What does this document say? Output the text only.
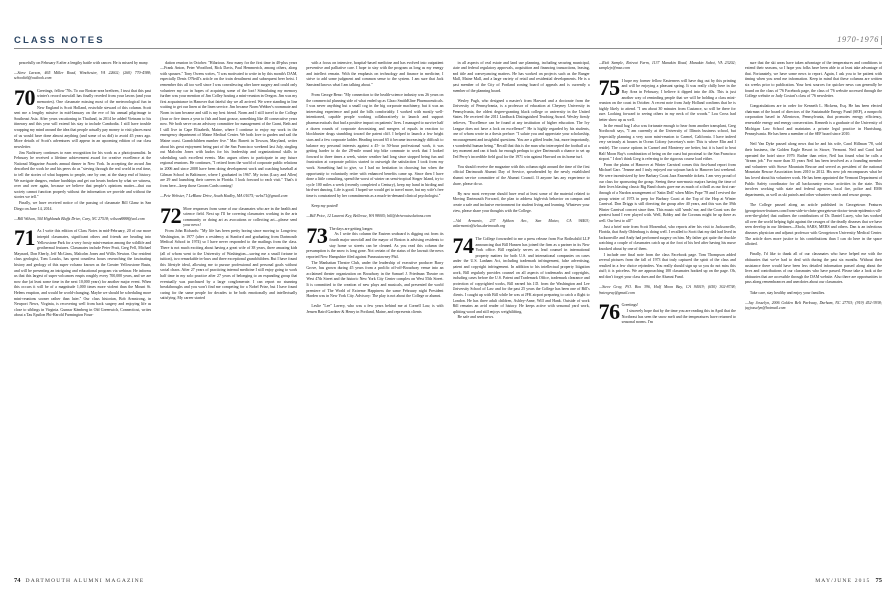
CLASS NOTES	1970-1976

peacefully on February 8 after a lengthy battle with cancer. He is missed by many.

—Steve Larson, 465 Miller Road, Winchester, VA 22602; (260) 770-4388; schooltt6@outlook.com

70 Greetings, fellow '70s. To our Boston-area brethren, I trust that this past winter's record snowfall has finally receded from your lawns (and your memories). One classmate missing most of the meteorological fun in New England is Scott Holland, erstwhile steward of this column. Scott sent me a lengthy missive in mid-January on the eve of his annual pilgrimage to Southeast Asia. After years vacationing in Thailand, in 2014 he added Vietnam to his itinerary and this year will extend his stay to include Cambodia. I still have trouble wrapping my mind around the idea that people actually pay money to visit places most of us would have done almost anything (and some of us did) to avoid 45 years ago. More details of Scott's adventures will appear in an upcoming edition of our class newsletter.

Jim Nachtwey continues to earn recognition for his work as a photojournalist. In February he received a lifetime achievement award for creative excellence at the National Magazine Awards annual dinner in New York. In accepting the award Jim described the work he and his peers do as "sieving through the real world in real time, to tell the stories of what happens to people, one by one, at the sharp end of history. We navigate dangers, endure hardships and get our hearts broken by what we witness, over and over again, because we believe that people's opinions matter—that our society cannot function properly without the information we provide and without the stories we tell."

Finally, we have received notice of the passing of classmate Bill Glanz in San Diego on June 14, 2014.

—Bill Wilson, 304 Highlands Bluffs Drive, Cary, NC 27518; wilson8888@aol.com

71 As I write this edition of Class Notes in mid-February, 20 of our more intrepid classmates, significant others and friends are heading into Yellowstone Park for a very frosty mini-reunion among the wildlife and geothermal features. Classmates include Peter Pratt, Greg Fell, Michael Maynard, Don Eberly, Jeff McGinss, Malcolm Jones and Willis Newton. Our resident class geologist, Tom Loucks, has spent countless hours researching the fascinating history and geology of this super volcano known as the Greater Yellowstone Basin, and will be presenting an intriguing and educational program via webinar. He informs us that this largest of super volcanoes erupts roughly every 700,000 years, and we are now due (at least some time in the next 10,000 years) for another major event. When this occurs it will be of a magnitude 1,000 times more violent than the Mount St. Helens eruption, and would be world-changing. Maybe we should be scheduling more mini-reunions sooner rather than later." Our class historian, Bob Armstrong, in Newport News, Virginia, is recovering well from back surgery and enjoying life as close to siblings in Virginia. Gunnar Kämberg in Old Greenwich, Connecticut, writes about a Tau Epsilon Phi-Harold Farmington Foun-

dation reunion in October. "Hilarious. Saw many for the first time in 40-plus years—Frank Anton, Peter Woodford, Rick Davis, Paul Hemmerich, among others, along with spouses." Tony Owens writes, "I was motivated to write in by this month's DAM, especially Denis O'Neill's article on the train derailment and subsequent beer heist. I remember this all too well since I was convalescing after knee surgery and could only volunteer my car in hopes of acquiring some of the loot! Stimulating my memory further was your mention of Jim Colley hosting a mini-reunion in Oregon. Jim was my first acquaintance in Hanover that fateful day we all arrived. We were standing in line waiting to get our linen at the linen service. Jim became Norm Webber's roommate and Norm in turn became and still is my best friend. Norm and I still travel to the College (four or five times a year to fish and hunt grouse, something like 40 consecutive years now. We both serve on an advisory committee for management of the Grant, Beth and I still live in Cape Elizabeth, Maine, where I continue to enjoy my work in the emergency department of Maine Medical Center. We both love to garden and sail the Maine coast. Grandchildren number five." Mac Barrett in Towson, Maryland, writes about his great enjoyment being part of the San Francisco weekend last July, singling out Malcolm Jones with kudos for his leadership and organizational skills in scheduling such excellent events. Mac argues others to participate in any future regional reunions. He continues, "I retired from the world of corporate public relations in 2006 and since 2008 have been doing development work and coaching baseball at Gilman School in Baltimore, where I graduated in 1967. My twins (Lucy and Allen) are 29 and launching their careers in Florida. I look forward to each visit." That's it from here—keep those Groom Cards coming!

—Pete Webster, 7 LeBlanc Drive, South Hadley, MA 01075; webs71@gmail.com

72 More responses from some of our classmates who are in the health and science field. Next up I'll be covering classmates working in the arts community or doing art as avocations or collecting art—please send your news!

From John Richards: "My life has been pretty boring since moving to Longview, Washington, in 1977 (after a residency at Stanford and graduating from Dartmouth Medical School in 1974) so I have never responded to the mailings from the class. There is not much exciting about having a great wife of 38 years, three amazing kids (all of whom went to the University of Washington—saving me a small fortune in tuition), two remarkable in-laws and three exceptional grandchildren. But I have found this lifestyle ideal, allowing me to pursue professional and personal goals without social chaos. After 27 years of practicing internal medicine I still enjoy going to work half time in my solo practice after 27 years of belonging to an expanding group that eventually was purchased by a large conglomerate. I can report no stunning breakthroughs and you won't find me competing for a Nobel Prize, but I have found caring for the same people for decades to be both emotionally and intellectually satisfying. My career started

with a focus on intensive, hospital-based medicine and has evolved into outpatient preventive and palliative care. I hope to stay with the program as long as my energy and intellect remain. With the emphasis on technology and finance in medicine, I strive to add some judgment and common sense to the system. I am sure that Jack Sanstead knows what I am talking about."

From George Benz: "My connection to the health-science industry was 26 years on the commercial planning side of what ended up as Glaxo SmithKline Pharmaceuticals. I was never anything but a small cog in the big corporate machinery, but it was an interesting experience and paid the bills comfortably. I worked with mostly well-intentioned, capable people working collaboratively to launch and support pharmaceuticals that had a positive impact on patients' lives. I managed to survive half a dozen rounds of corporate downsizing and mergers of equals in reaction to blockbuster drugs stumbling toward the patent cliff. I helped to launch a few bright stars and a few corporate ladder. Heading toward 65 it became increasingly difficult to balance my personal interests against a 45- to 50-hour professional work, it was getting harder to do the 28-mile round trip bike commute to work that I looked forward to three times a week, winter weather had long since stopped being fun and frustration at corporate politics started to outweigh the satisfaction I took from my work. Something had to give, so I had no hesitation in choosing fun when the opportunity to voluntarily retire with enhanced benefits came up. Since then I have done a little consulting, spend the worst of winter on semi-tropical Singer Island, try to cycle 100 miles a week (recently completed a Century), keep my hand in birding and bird-net dancing. Life is good. I hoped we would get to travel more, but my wife's free time is constrained by her commitments as a much-in-demand clinical psychologist."

Keep my posted!

—Bill Price, 12 Laurent Key, Bellevue, WA 98005; bill@driveoutsolutions.com

73 The days are getting longer.

As I write this column the Eastern seaboard is digging out from its fourth major snowfall and the mayor of Boston is advising residents to stay home so streets can be cleaned. As you read this column the presumption is the snow is long gone. Not certain of the status of the lawsuit the news reported New Hampshire filed against Punxsutawney Phil.

The Manhattan Theatre Club, under the leadership of executive producer Barry Grove, has grown during 45 years from a prolific off-off-Broadway venue into an acclaimed theater organization on Broadway in the Samuel J. Friedman Theatre on West 47th Street and the historic New York City Center complex on West 55th Street. It is committed to the creation of new plays and musicals, and presented the world premiere of The World of Extreme Happiness the same February night President Harden was in New York City. Advisory: The play is not about the College or alumni.

Leslie "Lee" Lavery, who was a few years behind me at Cornell Law, is with Jensen Baird Gardner & Henry in Portland, Maine, and represents clients

in all aspects of real estate and land use planning, including securing municipal, state and federal regulatory approvals, acquisition and financing transactions, leasing, and title and conveyancing matters. He has worked on projects such as the Ranger Mall, Maine Mall, and a large variety of retail and residential developments. He is a past member of the City of Portland zoning board of appeals and is currently a member of the planning board.

Wesley Pugh, who designed a master's from Harvard and a doctorate from the University of Pennsylvania, is a professor of education at Cheyney University in Pennsylvania, the oldest degree-granting black college or university in the United States. He received the 2011 Lindback Distinguished Teaching Award. Wesley firmly believes, "Excellence can be found at any institution of higher education. The Ivy League does not have a lock on excellence!" He is highly regarded by his students, one of whom wrote in a thesis preface: "I salute you and appreciate your scholarship, encouragement and insightful questions. You are a gifted leader, but, more importantly, a wonderful human being." Recall that this is the man who intercepted the football at a key moment and ran it back far enough perhaps to give Dartmouth a chance to set up Ted Perry's incredible field goal for the 1971 win against Harvard on its home turf.

You should receive the magazine with this column right around the time of the first official Dartmouth Alumni Day of Service, spearheaded by the newly established alumni service committee of the Alumni Council. If anyone has any experience to share, please do so.

By now most everyone should have read at least some of the material related to Moving Dartmouth Forward, the plan to address high-risk behavior on campus and create a safe and inclusive environment for student living and learning. Whatever your view, please share your thoughts with the College.

—Val Armento, 237 Sykkon Ave., San Mateo, CA 94403; valarmento@telus.dartmouth.org

74 The College forwarded to me a press release from Foz Rothschild LLP announcing that Bill Hansen has joined the firm as a partner in its New York office. Bill regularly serves as lead counsel in international property matters for both U.S. and international companies on cases under the U.S. Lanham Act, including trademark infringement, false advertising, patent and copyright infringement. In addition to his intellectual property litigation work, Bill regularly provides counsel on all aspects of trademarks and copyrights, including cases before the U.S. Patent and Trademark Office, trademark clearance and protection of copyrighted works, Bill earned his J.D. from the Washington and Lee University School of Law and for the past 25 years the College has been one of Bill's clients. I caught up with Bill while he was at JFK airport preparing to catch a flight to London. He has three adult children, Ashley-Anne, Will and Hank. Outside of work Bill remains an avid reader of history. He keeps active with seasonal yard work, splitting wood and still enjoys weightlifting.

Be safe and send news.

—Rick Sample, Retreat Farm, 1137 Manakin Road, Manakin Sabot, VA 23202; samplejr@msn.com

75 I hope my former fellow Easterners will have dug out by this printing and will be enjoying a pleasant spring. It was really chilly here in the Bay Area in February; I believe it dipped into the 40s. This is just another way of reminding people that we will be holding a class mini-reunion on the coast in October. A recent note from Judy Holland confirms that he is highly likely to attend. "I am about 30 minutes from Custance, so will be there for sure. Looking forward to seeing others in my neck of the woods." Lou Cross had better show up as well.

In the email bag I also was fortunate enough to hear from another transplant, Greg Northcraft says, "I am currently at the University of Illinois business school, but (especially planning a very soon mini-reunion to Carmel, California. I have indeed very seriously at houses in Ocean Colony (secretary's note: This is where Elin and I reside). The course options in Carmel and Monterey are better, but it is hard to beat Half Moon Bay's combination of being on the coast but proximal to the San Francisco airport." I don't think Greg is referring to the rigorous course load either.

From the plains of Hanover at Winter Carnival comes this first-hand report from Michael Garr. "Jeanne and I truly enjoyed our sojourn back to Hanover last weekend. We were incentivized by free Barbary Coast Jazz Ensemble tickets. I am very proud of our class for sponsoring the group. Seeing these non-music majors having the time of their lives blasting classic Big Band charts gave me as much of a thrill as our first run-through of a Nardon arrangement of 'Satin Doll' when Miles Pope '78 and I revived the group winter of 1973 in prep for Barbary Coast at the Top of the Hop at Winter Carnival. Don Driggs is still directing the group after 40 years, and this was the 39th Winter Carnival concert since then. This music still 'sends' me, and the Coast was the greatest band I ever played with. Well, Bobby and the Coronas might be up there as well. Our best to all!"

Just a brief note from Scott Mosenthal, who reports after his visit to Jacksonville, Florida, that Andy Oldenburg is doing well. I recalled to Scott that my dad had lived in Jacksonville and Andy had performed surgery on him. My father got quite the chuckle watching a couple of classmates catch up at the foot of his bed after having his nurse knocked about by one of them.

I include one final note from the class Facebook page. Tom Thompson added several pictures from the fall of 1973 that truly captured the spirit of the class and resulted in a few choice rejoinders. You really should sign up so you do not miss this stuff; it is priceless. We are approaching 100 classmates hooked up on the page. Oh, and don't forget your class dues and the Alumni Fund.

—Steve Gray, P.O. Box 396, Half Moon Bay, CA 94019; (650) 302-8738; fratergray@gmail.com

76 Greetings!

I sincerely hope that by the time you are reading this in April that the Northeast has seen the snow melt and the temperatures have returned to seasonal norms. I'm

sure that the ski areas have taken advantage of the temperatures and conditions to extend their seasons, so I hope you folks have been able to at least take advantage of that. Fortunately, we have some news to report. Again, I ask you to be patient with timing when you send me information. Keep in mind that these columns are written six weeks prior to publication. Your best sources for quicker news can generally be found on the class of '76 Facebook page, the class of '76 website accessed through the College website or Judy Costari's class of '76 newsletter.

Congratulations are in order for Kenneth L. Hickens, Esq. He has been elected chairman of the board of directors of the Sustainable Energy Fund (SEF), a nonprofit corporation based in Allentown, Pennsylvania, that promotes energy efficiency, renewable energy and energy conservation. Kenneth is a graduate of the University of Michigan Law School and maintains a private legal practice in Harrisburg, Pennsylvania. He has been a member of the SEF board since 2010.

Neil Van Dyke passed along news that he and his wife, Carol Hillman '78, sold their business, the Golden Eagle Resort in Stowe, Vermont. Neil and Carol had operated the hotel since 1979. Rather than retire, Neil has found what he calls a "dream job." For more than 35 years Neil has been involved as a founding member and volunteer with Stowe Mountain Rescue and served as president of the national Mountain Rescue Association from 2010 to 2012. His new job encompasses what he has loved about his volunteer work. He has been appointed the Vermont Department of Public Safety coordinator for all backcountry rescue activities in the state. This involves working with state and federal agencies, local fire, police and EMS departments, as well as ski patrols and other volunteer search and rescue groups.

The College passed along an article published in Georgetown Features (georgetown-features.com/from-side-to-chrin-georgetown-doctor-treats-epidemics-all-over-the-globe) that outlines the contributions of Dr. Daniel Lucey, who has worked all over the world helping fight against the ravages of the deadly diseases that we have seen develop in our lifetimes—Ebola, SARS, MERS and others. Dan is an infectious diseases physician and adjunct professor with Georgetown University Medical Center. The article does more justice to his contributions than I can do here in the space allotted.

Finally, I'd like to thank all of our classmates who have helped me with the obituaries that we've had to deal with during the past six months. Without their assistance there would have been less detailed information passed along about the lives and contributions of our classmates who have passed. Please take a look at the obituaries that are accessible through the DAM website. Also there are opportunities to pass along remembrances and anecdotes about our classmates.

Take care, stay healthy and enjoy your families.

—Jay Josselyn, 2006 Golden Belt Parkway, Durham, NC 27703; (919) 452-3938; jayjosselyn@hotmail.com

74 DARTMOUTH ALUMNI MAGAZINE	MAY/JUNE 2015 75
